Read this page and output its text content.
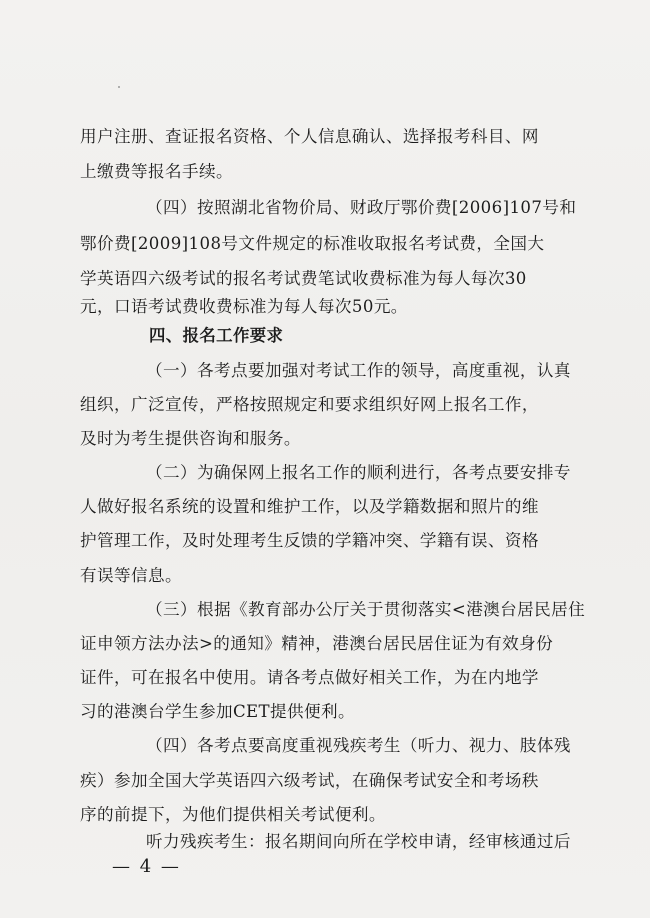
用户注册、查证报名资格、个人信息确认、选择报考科目、网
上缴费等报名手续。
（四）按照湖北省物价局、财政厅鄂价费[2006]107号和
鄂价费[2009]108号文件规定的标准收取报名考试费，全国大
学英语四六级考试的报名考试费笔试收费标准为每人每次30
元，口语考试费收费标准为每人每次50元。
四、报名工作要求
（一）各考点要加强对考试工作的领导，高度重视，认真
组织，广泛宣传，严格按照规定和要求组织好网上报名工作，
及时为考生提供咨询和服务。
（二）为确保网上报名工作的顺利进行，各考点要安排专
人做好报名系统的设置和维护工作，以及学籍数据和照片的维
护管理工作，及时处理考生反馈的学籍冲突、学籍有误、资格
有误等信息。
（三）根据《教育部办公厅关于贯彻落实<港澳台居民居住
证申领方法办法>的通知》精神，港澳台居民居住证为有效身份
证件，可在报名中使用。请各考点做好相关工作，为在内地学
习的港澳台学生参加CET提供便利。
（四）各考点要高度重视残疾考生（听力、视力、肢体残
疾）参加全国大学英语四六级考试，在确保考试安全和考场秩
序的前提下，为他们提供相关考试便利。
听力残疾考生：报名期间向所在学校申请，经审核通过后
— 4 —
